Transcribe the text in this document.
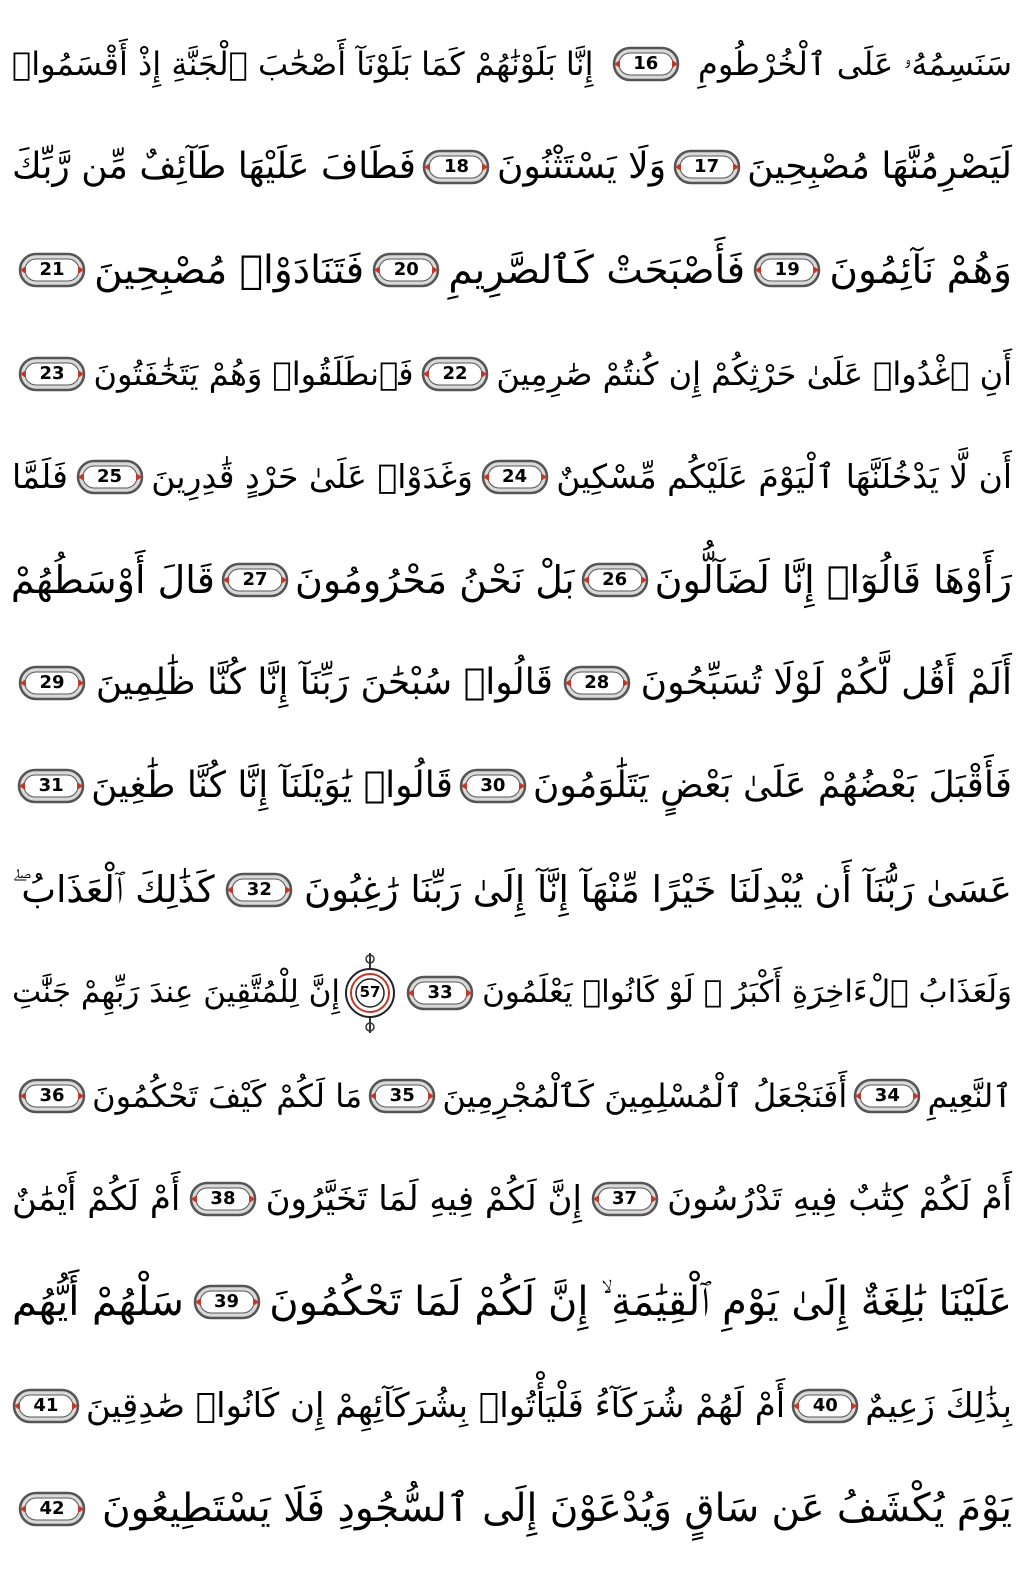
سَنَسِمُهُۥ عَلَى ٱلْخُرْطُومِ
16
إِنَّا بَلَوْنَٰهُمْ كَمَا بَلَوْنَآ أَصْحَٰبَ ٱلْجَنَّةِ إِذْ أَقْسَمُوا۟
لَيَصْرِمُنَّهَا مُصْبِحِينَ
17
وَلَا يَسْتَثْنُونَ
18
فَطَافَ عَلَيْهَا طَآئِفٌ مِّن رَّبِّكَ
وَهُمْ نَآئِمُونَ
19
فَأَصْبَحَتْ كَٱلصَّرِيمِ
20
فَتَنَادَوْا۟ مُصْبِحِينَ
21
أَنِ ٱغْدُوا۟ عَلَىٰ حَرْثِكُمْ إِن كُنتُمْ صَٰرِمِينَ
22
فَٱنطَلَقُوا۟ وَهُمْ يَتَخَٰفَتُونَ
23
أَن لَّا يَدْخُلَنَّهَا ٱلْيَوْمَ عَلَيْكُم مِّسْكِينٌ
24
وَغَدَوْا۟ عَلَىٰ حَرْدٍ قَٰدِرِينَ
25
فَلَمَّا
رَأَوْهَا قَالُوٓا۟ إِنَّا لَضَآلُّونَ
26
بَلْ نَحْنُ مَحْرُومُونَ
27
قَالَ أَوْسَطُهُمْ
أَلَمْ أَقُل لَّكُمْ لَوْلَا تُسَبِّحُونَ
28
قَالُوا۟ سُبْحَٰنَ رَبِّنَآ إِنَّا كُنَّا ظَٰلِمِينَ
29
فَأَقْبَلَ بَعْضُهُمْ عَلَىٰ بَعْضٍ يَتَلَٰوَمُونَ
30
قَالُوا۟ يَٰوَيْلَنَآ إِنَّا كُنَّا طَٰغِينَ
31
عَسَىٰ رَبُّنَآ أَن يُبْدِلَنَا خَيْرًا مِّنْهَآ إِنَّآ إِلَىٰ رَبِّنَا رَٰغِبُونَ
32
كَذَٰلِكَ ٱلْعَذَابُ ۖ
وَلَعَذَابُ ٱلْءَاخِرَةِ أَكْبَرُ ۚ لَوْ كَانُوا۟ يَعْلَمُونَ
33
57
إِنَّ لِلْمُتَّقِينَ عِندَ رَبِّهِمْ جَنَّٰتِ
ٱلنَّعِيمِ
34
أَفَنَجْعَلُ ٱلْمُسْلِمِينَ كَٱلْمُجْرِمِينَ
35
مَا لَكُمْ كَيْفَ تَحْكُمُونَ
36
أَمْ لَكُمْ كِتَٰبٌ فِيهِ تَدْرُسُونَ
37
إِنَّ لَكُمْ فِيهِ لَمَا تَخَيَّرُونَ
38
أَمْ لَكُمْ أَيْمَٰنٌ
عَلَيْنَا بَٰلِغَةٌ إِلَىٰ يَوْمِ ٱلْقِيَٰمَةِ ۙ إِنَّ لَكُمْ لَمَا تَحْكُمُونَ
39
سَلْهُمْ أَيُّهُم
بِذَٰلِكَ زَعِيمٌ
40
أَمْ لَهُمْ شُرَكَآءُ فَلْيَأْتُوا۟ بِشُرَكَآئِهِمْ إِن كَانُوا۟ صَٰدِقِينَ
41
يَوْمَ يُكْشَفُ عَن سَاقٍ وَيُدْعَوْنَ إِلَى ٱلسُّجُودِ فَلَا يَسْتَطِيعُونَ
42
